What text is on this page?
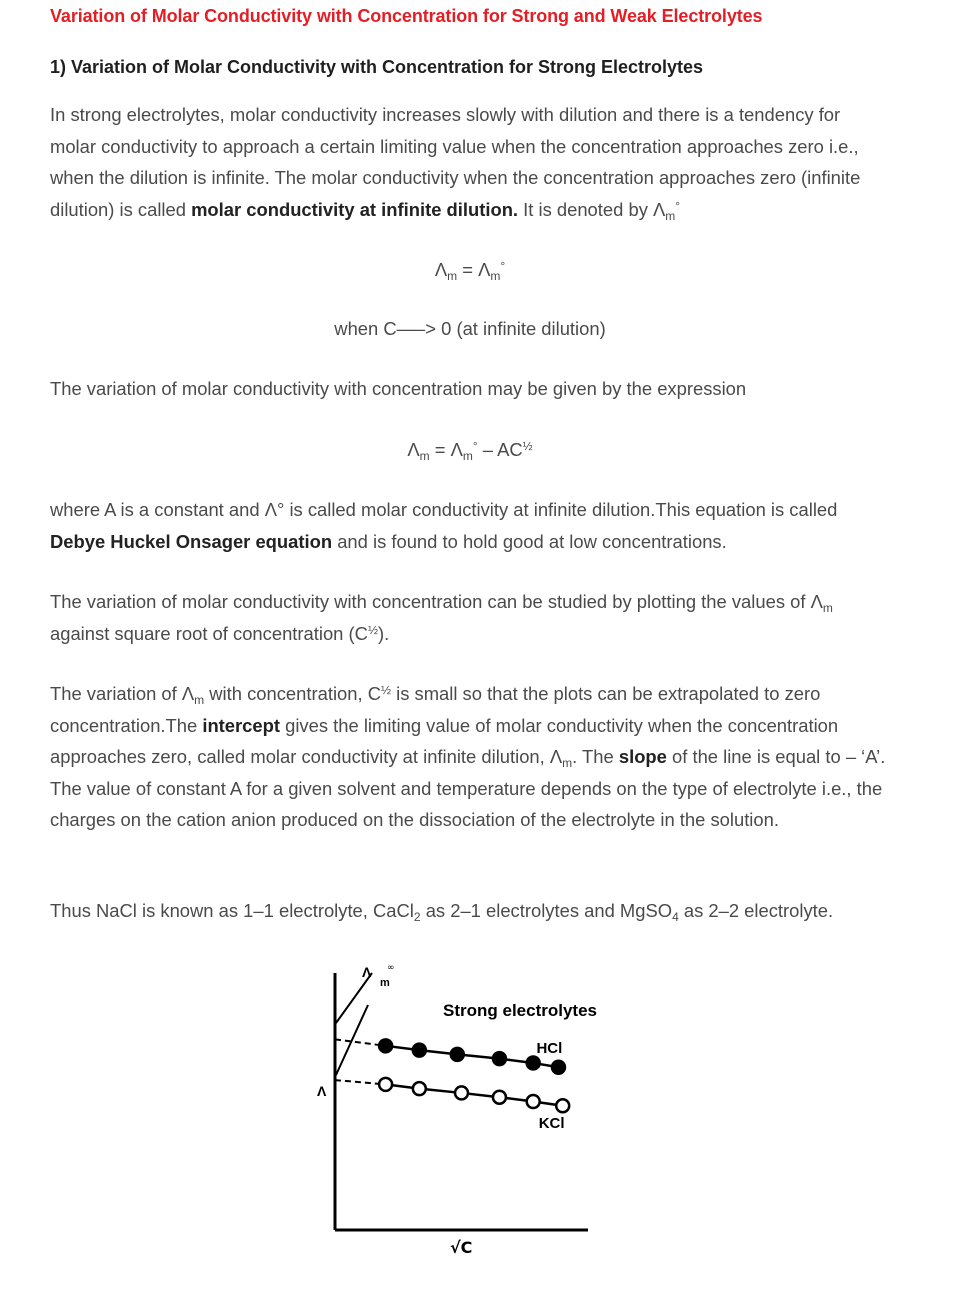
Variation of Molar Conductivity with Concentration for Strong and Weak Electrolytes
1) Variation of Molar Conductivity with Concentration for Strong Electrolytes

In strong electrolytes, molar conductivity increases slowly with dilution and there is a tendency for molar conductivity to approach a certain limiting value when the concentration approaches zero i.e., when the dilution is infinite. The molar conductivity when the concentration approaches zero (infinite dilution) is called molar conductivity at infinite dilution. It is denoted by $\Lambda_m^\circ$

$\Lambda_m = \Lambda_m^\circ$

when C—–> 0 (at infinite dilution)

The variation of molar conductivity with concentration may be given by the expression

$\Lambda_m = \Lambda_m^\circ - AC^{\frac{1}{2}}$

where A is a constant and Λ° is called molar conductivity at infinite dilution.This equation is called Debye Huckel Onsager equation and is found to hold good at low concentrations.

The variation of molar conductivity with concentration can be studied by plotting the values of $\Lambda_m$ against square root of concentration $(C^{\frac{1}{2}})$.

The variation of $\Lambda_m$ with concentration, $C^{\frac{1}{2}}$ is small so that the plots can be extrapolated to zero concentration.The intercept gives the limiting value of molar conductivity when the concentration approaches zero, called molar conductivity at infinite dilution, $\Lambda_m$. The slope of the line is equal to – ‘A’. The value of constant A for a given solvent and temperature depends on the type of electrolyte i.e., the charges on the cation anion produced on the dissociation of the electrolyte in the solution.

Thus NaCl is known as 1–1 electrolyte, CaCl$_2$ as 2–1 electrolytes and MgSO$_4$ as 2–2 electrolyte.

Λ
m
∞
Λ
Strong electrolytes
√C
HCl
KCl
